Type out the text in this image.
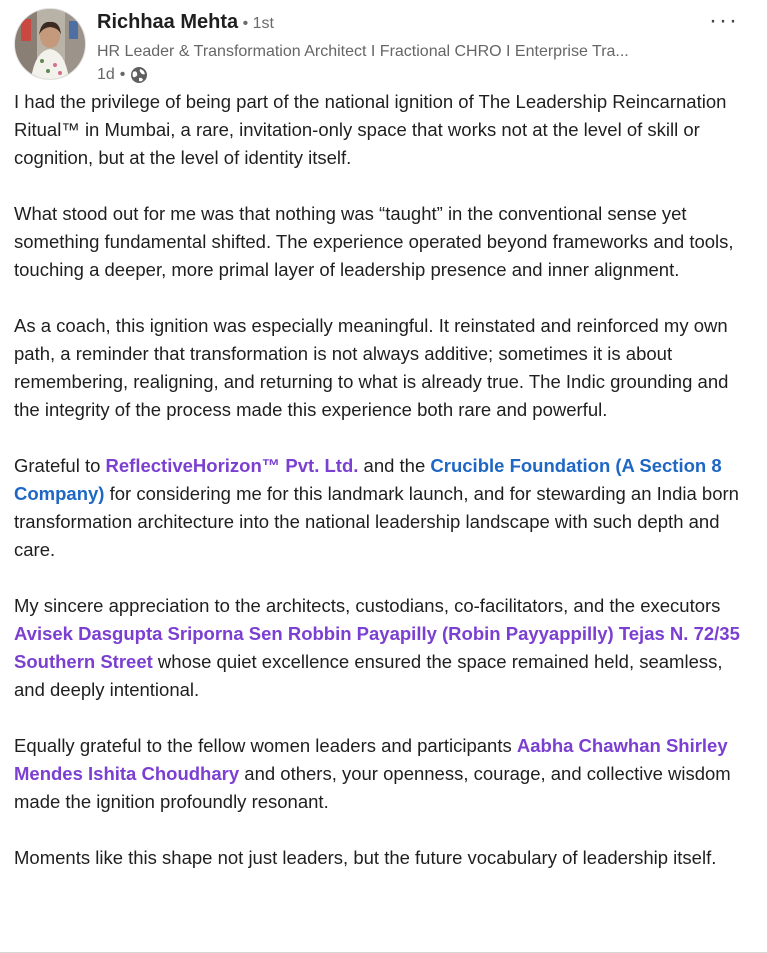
Richhaa Mehta • 1st
HR Leader & Transformation Architect I Fractional CHRO I Enterprise Tra...
1d •
···

I had the privilege of being part of the national ignition of The Leadership Reincarnation Ritual™ in Mumbai, a rare, invitation-only space that works not at the level of skill or cognition, but at the level of identity itself.

What stood out for me was that nothing was “taught” in the conventional sense yet something fundamental shifted. The experience operated beyond frameworks and tools, touching a deeper, more primal layer of leadership presence and inner alignment.

As a coach, this ignition was especially meaningful. It reinstated and reinforced my own path, a reminder that transformation is not always additive; sometimes it is about remembering, realigning, and returning to what is already true. The Indic grounding and the integrity of the process made this experience both rare and powerful.

Grateful to ReflectiveHorizon™ Pvt. Ltd. and the Crucible Foundation (A Section 8 Company) for considering me for this landmark launch, and for stewarding an India born transformation architecture into the national leadership landscape with such depth and care.

My sincere appreciation to the architects, custodians, co-facilitators, and the executors Avisek Dasgupta Sriporna Sen Robbin Payapilly (Robin Payyappilly) Tejas N. 72/35 Southern Street whose quiet excellence ensured the space remained held, seamless, and deeply intentional.

Equally grateful to the fellow women leaders and participants Aabha Chawhan Shirley Mendes Ishita Choudhary and others, your openness, courage, and collective wisdom made the ignition profoundly resonant.

Moments like this shape not just leaders, but the future vocabulary of leadership itself.
